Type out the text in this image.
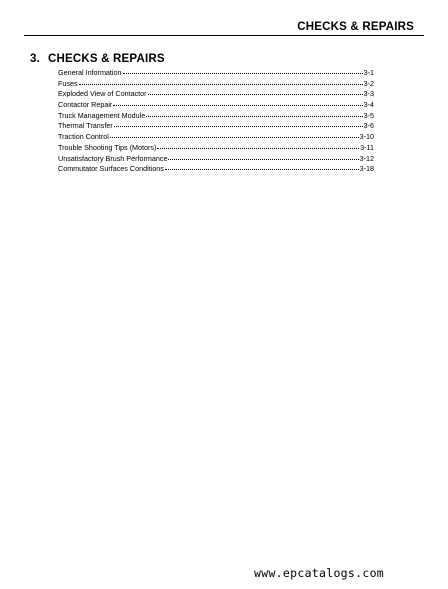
CHECKS & REPAIRS
3. CHECKS & REPAIRS
General Information	3-1
Fuses	3-2
Exploded View of Contactor	3-3
Contactor Repair	3-4
Truck Management Module	3-5
Thermal Transfer	3-6
Traction Control	3-10
Trouble Shooting Tips (Motors)	3-11
Unsatisfactory Brush Performance	3-12
Commutator Surfaces Conditions	3-18
www.epcatalogs.com
